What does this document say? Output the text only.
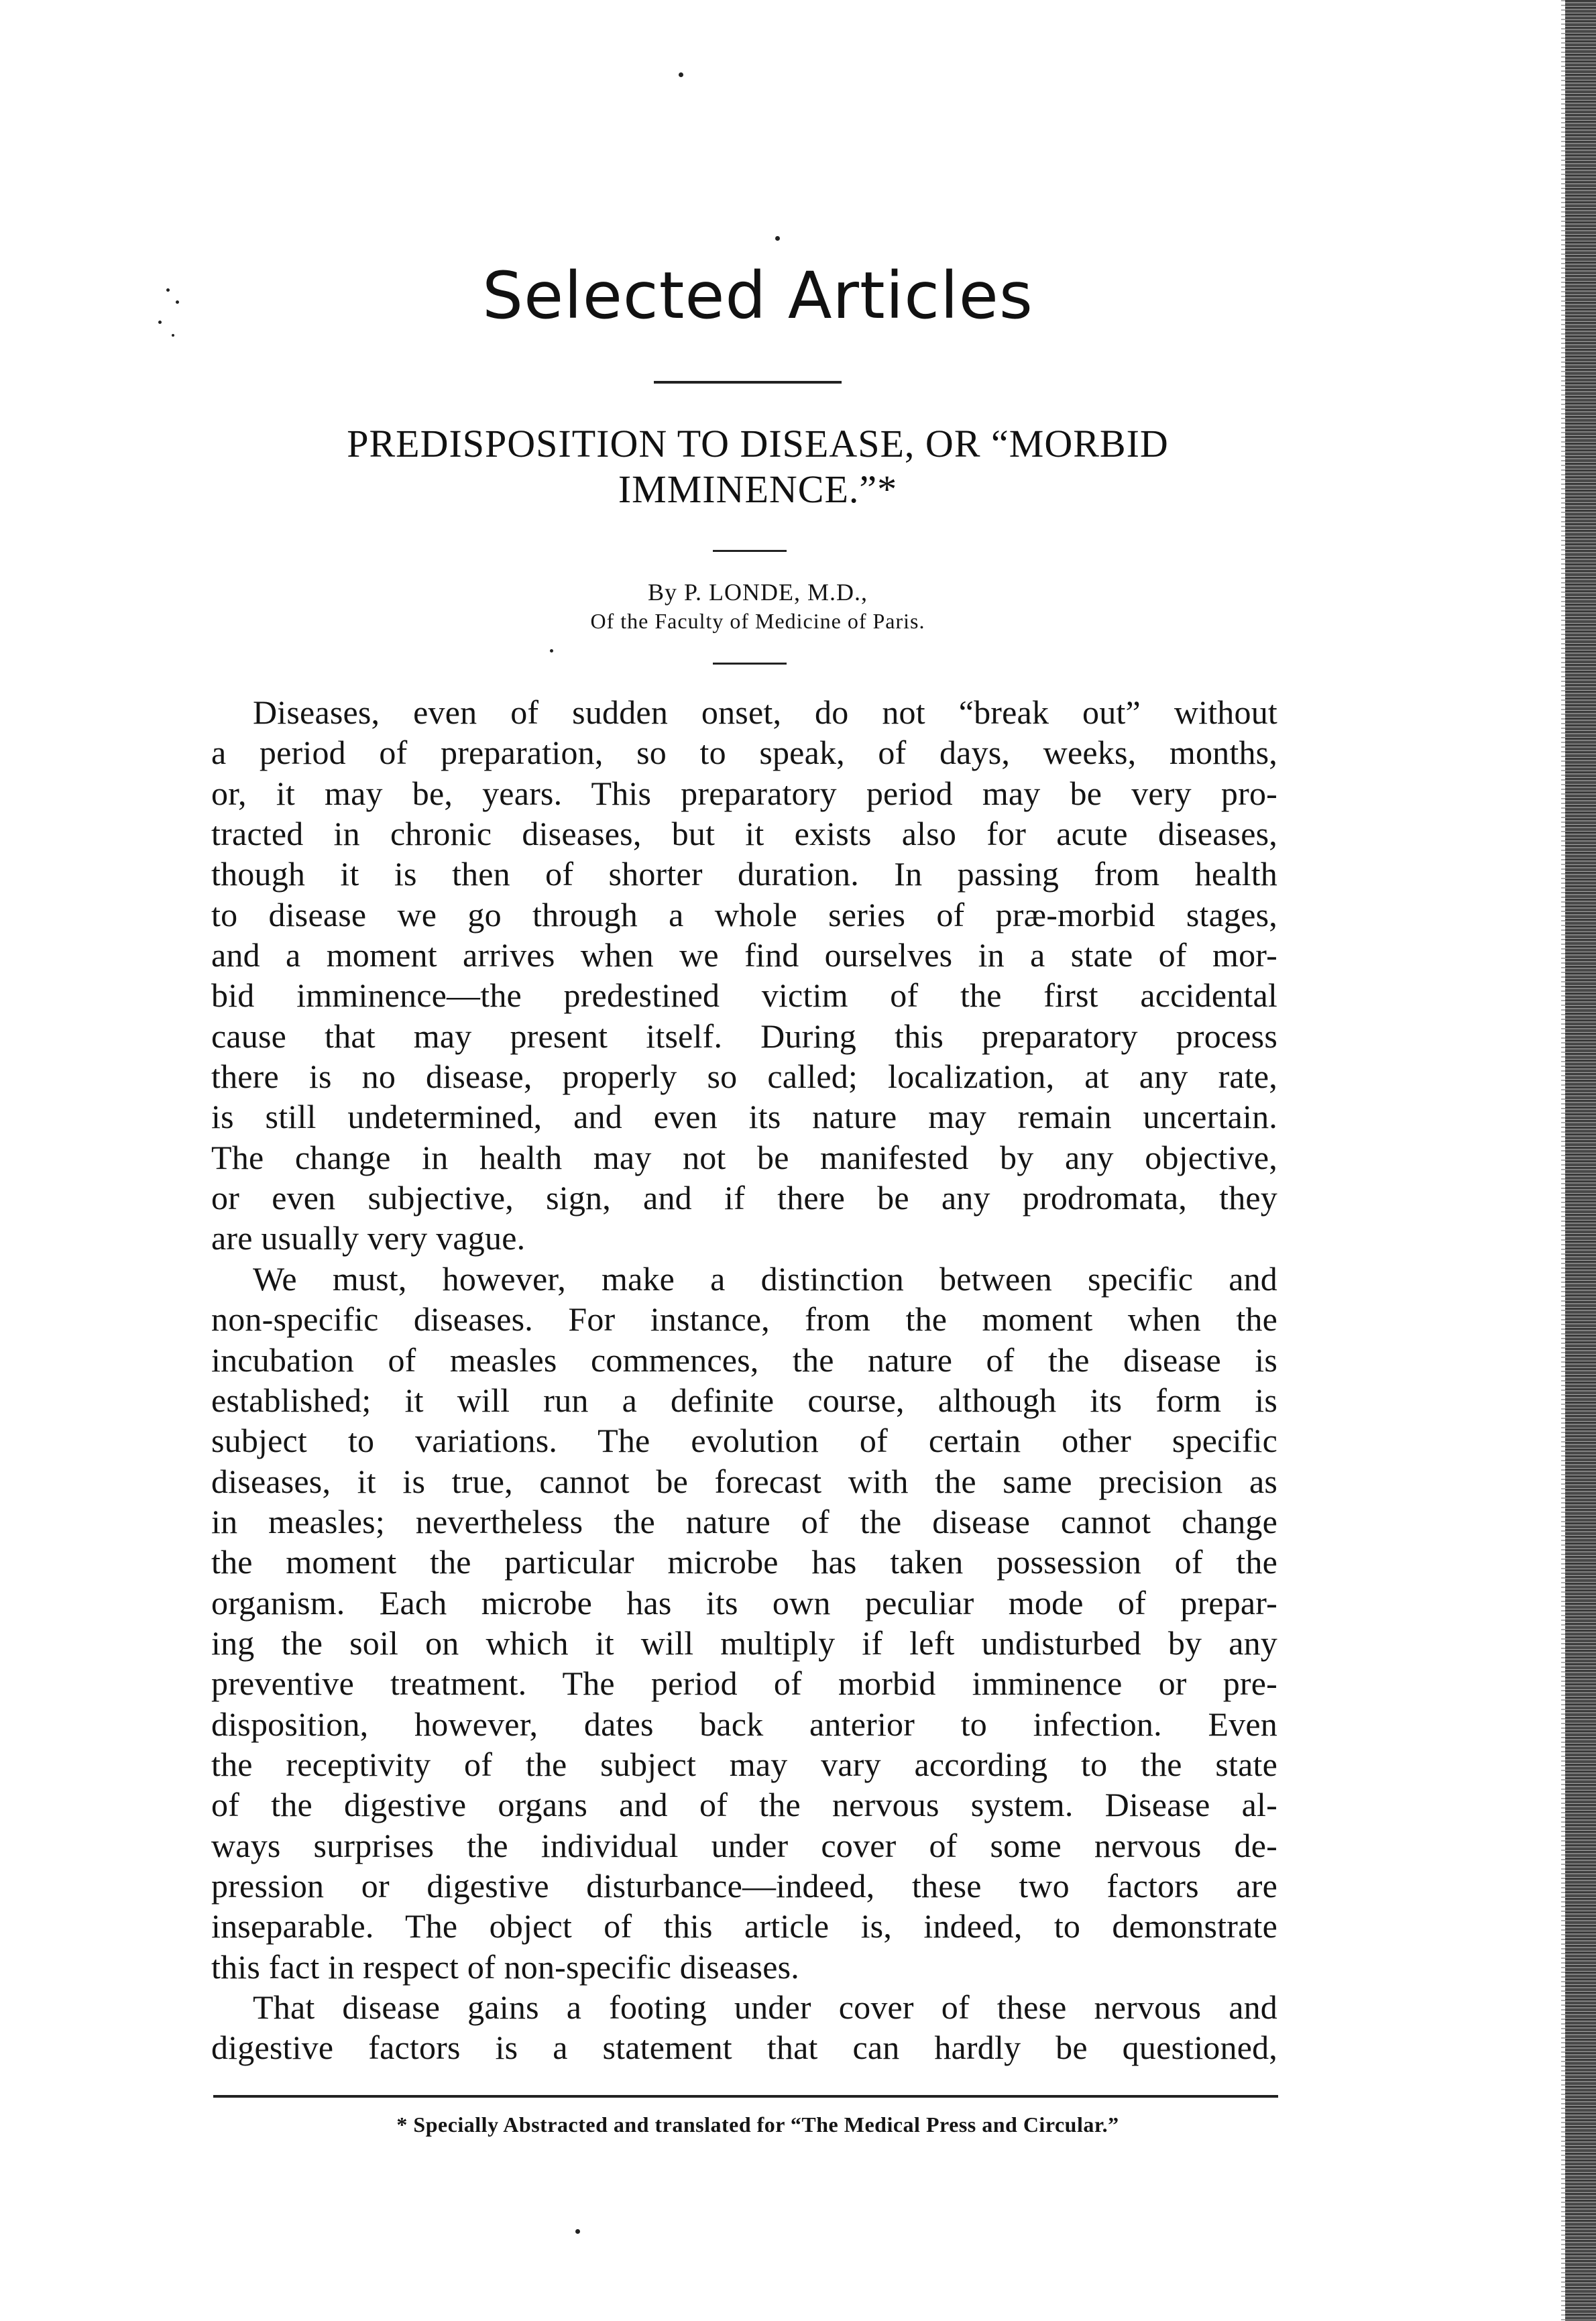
Selected Articles
PREDISPOSITION TO DISEASE, OR “MORBID
IMMINENCE.”*
By P. LONDE, M.D.,
Of the Faculty of Medicine of Paris.
Diseases, even of sudden onset, do not “break out” without
a period of preparation, so to speak, of days, weeks, months,
or, it may be, years. This preparatory period may be very pro-
tracted in chronic diseases, but it exists also for acute diseases,
though it is then of shorter duration. In passing from health
to disease we go through a whole series of præ-morbid stages,
and a moment arrives when we find ourselves in a state of mor-
bid imminence—the predestined victim of the first accidental
cause that may present itself. During this preparatory process
there is no disease, properly so called; localization, at any rate,
is still undetermined, and even its nature may remain uncertain.
The change in health may not be manifested by any objective,
or even subjective, sign, and if there be any prodromata, they
are usually very vague.
We must, however, make a distinction between specific and
non-specific diseases. For instance, from the moment when the
incubation of measles commences, the nature of the disease is
established; it will run a definite course, although its form is
subject to variations. The evolution of certain other specific
diseases, it is true, cannot be forecast with the same precision as
in measles; nevertheless the nature of the disease cannot change
the moment the particular microbe has taken possession of the
organism. Each microbe has its own peculiar mode of prepar-
ing the soil on which it will multiply if left undisturbed by any
preventive treatment. The period of morbid imminence or pre-
disposition, however, dates back anterior to infection. Even
the receptivity of the subject may vary according to the state
of the digestive organs and of the nervous system. Disease al-
ways surprises the individual under cover of some nervous de-
pression or digestive disturbance—indeed, these two factors are
inseparable. The object of this article is, indeed, to demonstrate
this fact in respect of non-specific diseases.
That disease gains a footing under cover of these nervous and
digestive factors is a statement that can hardly be questioned,
* Specially Abstracted and translated for “The Medical Press and Circular.”
